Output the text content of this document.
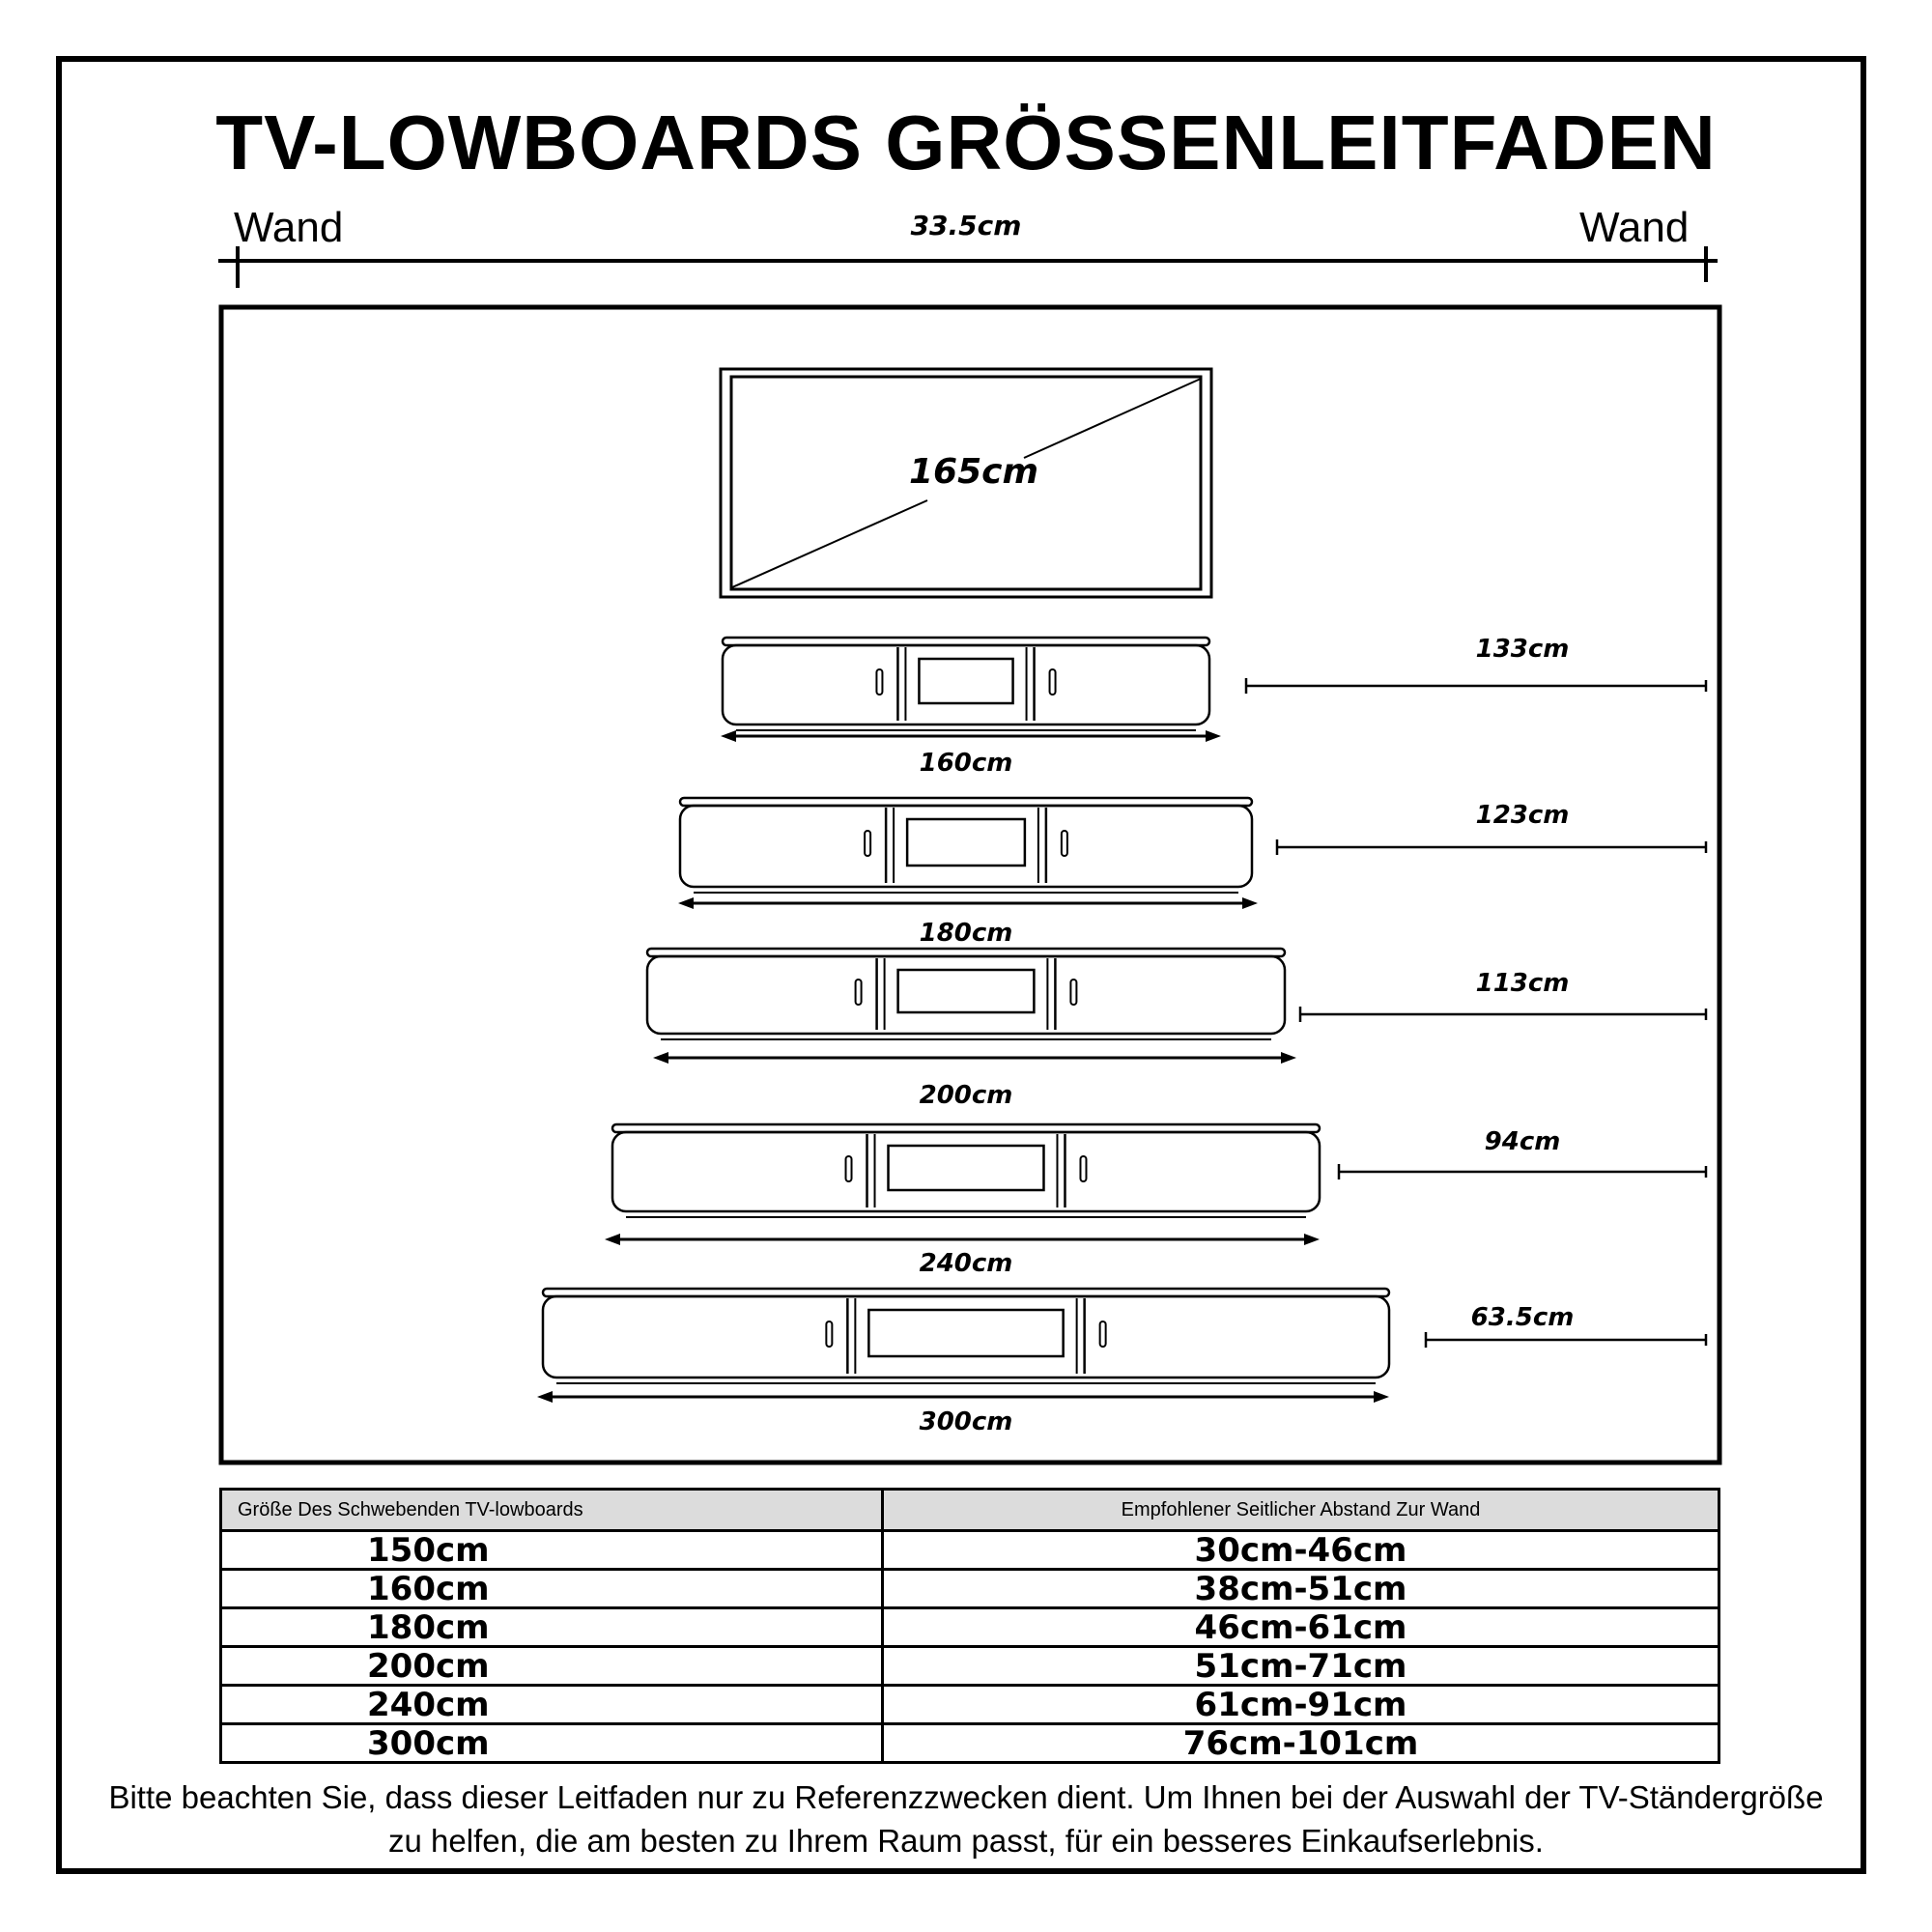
TV-LOWBOARDS GRÖSSENLEITFADEN
Wand	Wand
33.5cm
165cm
160cm
133cm
180cm
123cm
200cm
113cm
240cm
94cm
300cm
63.5cm
Größe Des Schwebenden TV-lowboards	Empfohlener Seitlicher Abstand Zur Wand
150cm	30cm-46cm
160cm	38cm-51cm
180cm	46cm-61cm
200cm	51cm-71cm
240cm	61cm-91cm
300cm	76cm-101cm
Bitte beachten Sie, dass dieser Leitfaden nur zu Referenzzwecken dient. Um Ihnen bei der Auswahl der TV-Ständergröße zu helfen, die am besten zu Ihrem Raum passt, für ein besseres Einkaufserlebnis.
